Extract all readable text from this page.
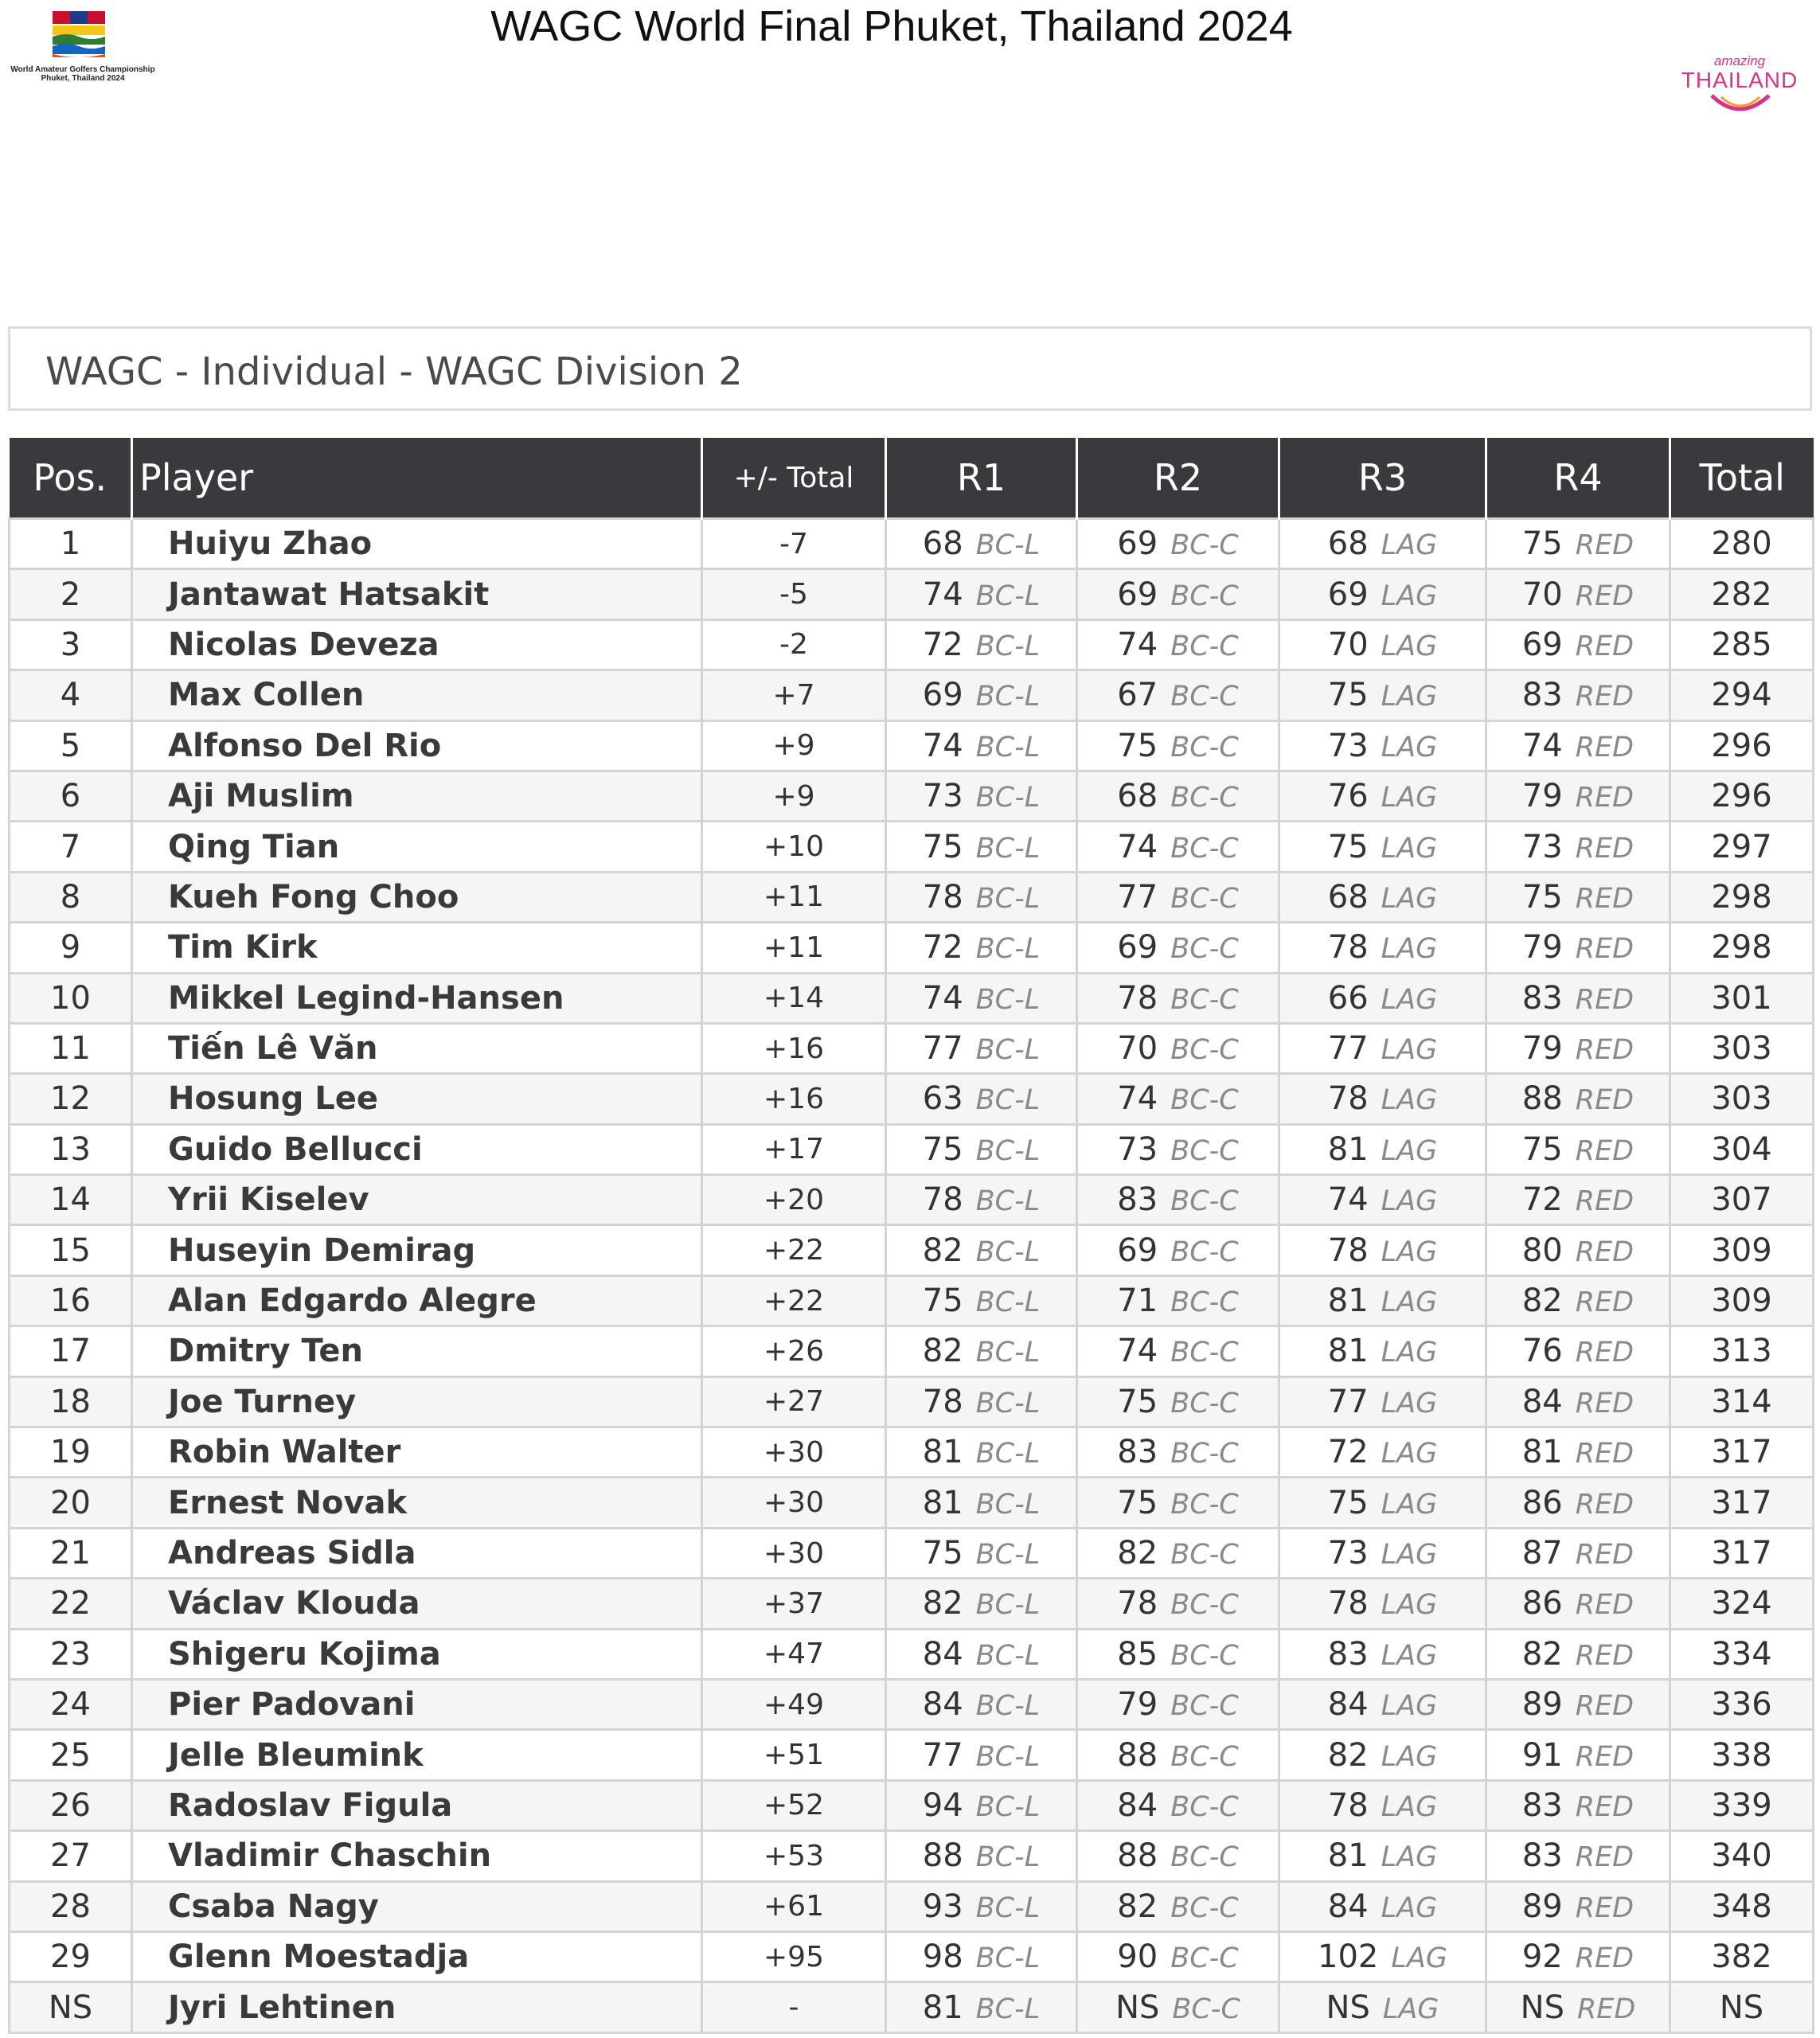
WAGC World Final Phuket, Thailand 2024
World Amateur Golfers Championship
Phuket, Thailand 2024
amazing
THAILAND
WAGC - Individual - WAGC Division 2
Pos.	Player	+/- Total	R1	R2	R3	R4	Total
1	Huiyu Zhao	-7	68 BC-L	69 BC-C	68 LAG	75 RED	280
2	Jantawat Hatsakit	-5	74 BC-L	69 BC-C	69 LAG	70 RED	282
3	Nicolas Deveza	-2	72 BC-L	74 BC-C	70 LAG	69 RED	285
4	Max Collen	+7	69 BC-L	67 BC-C	75 LAG	83 RED	294
5	Alfonso Del Rio	+9	74 BC-L	75 BC-C	73 LAG	74 RED	296
6	Aji Muslim	+9	73 BC-L	68 BC-C	76 LAG	79 RED	296
7	Qing Tian	+10	75 BC-L	74 BC-C	75 LAG	73 RED	297
8	Kueh Fong Choo	+11	78 BC-L	77 BC-C	68 LAG	75 RED	298
9	Tim Kirk	+11	72 BC-L	69 BC-C	78 LAG	79 RED	298
10	Mikkel Legind-Hansen	+14	74 BC-L	78 BC-C	66 LAG	83 RED	301
11	Tiến Lê Văn	+16	77 BC-L	70 BC-C	77 LAG	79 RED	303
12	Hosung Lee	+16	63 BC-L	74 BC-C	78 LAG	88 RED	303
13	Guido Bellucci	+17	75 BC-L	73 BC-C	81 LAG	75 RED	304
14	Yrii Kiselev	+20	78 BC-L	83 BC-C	74 LAG	72 RED	307
15	Huseyin Demirag	+22	82 BC-L	69 BC-C	78 LAG	80 RED	309
16	Alan Edgardo Alegre	+22	75 BC-L	71 BC-C	81 LAG	82 RED	309
17	Dmitry Ten	+26	82 BC-L	74 BC-C	81 LAG	76 RED	313
18	Joe Turney	+27	78 BC-L	75 BC-C	77 LAG	84 RED	314
19	Robin Walter	+30	81 BC-L	83 BC-C	72 LAG	81 RED	317
20	Ernest Novak	+30	81 BC-L	75 BC-C	75 LAG	86 RED	317
21	Andreas Sidla	+30	75 BC-L	82 BC-C	73 LAG	87 RED	317
22	Václav Klouda	+37	82 BC-L	78 BC-C	78 LAG	86 RED	324
23	Shigeru Kojima	+47	84 BC-L	85 BC-C	83 LAG	82 RED	334
24	Pier Padovani	+49	84 BC-L	79 BC-C	84 LAG	89 RED	336
25	Jelle Bleumink	+51	77 BC-L	88 BC-C	82 LAG	91 RED	338
26	Radoslav Figula	+52	94 BC-L	84 BC-C	78 LAG	83 RED	339
27	Vladimir Chaschin	+53	88 BC-L	88 BC-C	81 LAG	83 RED	340
28	Csaba Nagy	+61	93 BC-L	82 BC-C	84 LAG	89 RED	348
29	Glenn Moestadja	+95	98 BC-L	90 BC-C	102 LAG	92 RED	382
NS	Jyri Lehtinen	-	81 BC-L	NS BC-C	NS LAG	NS RED	NS
